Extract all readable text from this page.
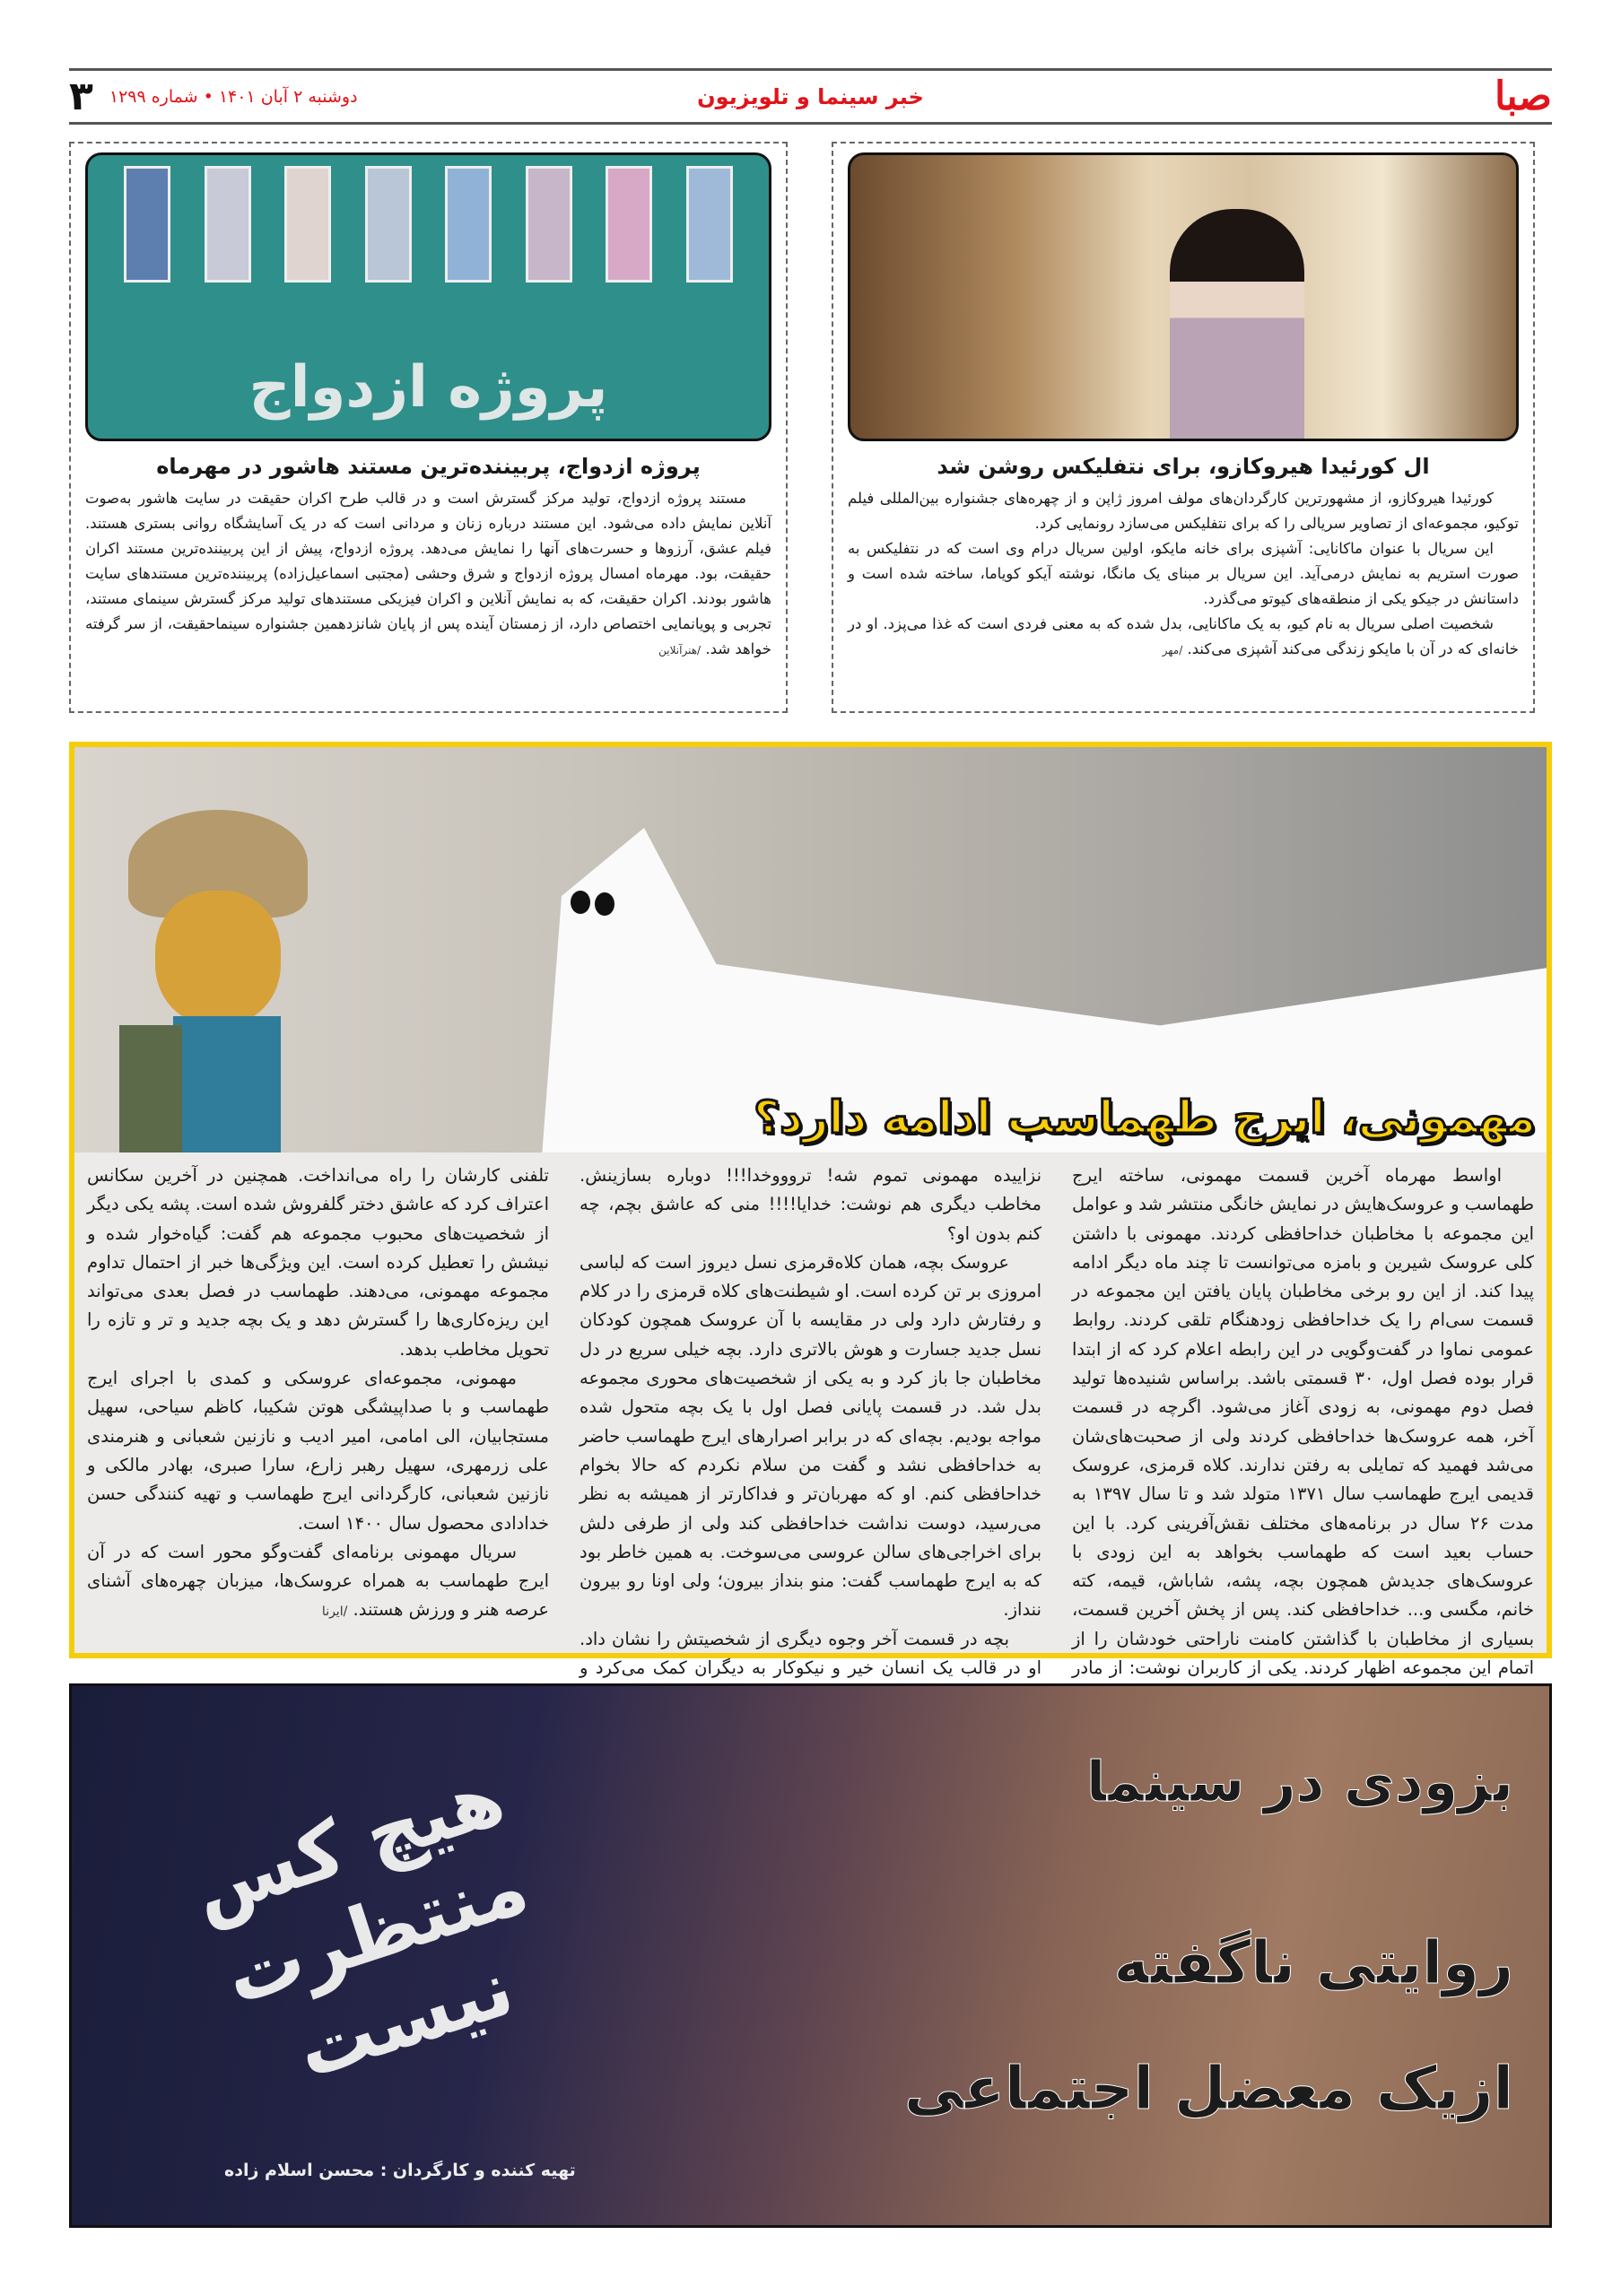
صبا
خبر سینما و تلویزیون
دوشنبه ۲ آبان ۱۴۰۱ • شماره ۱۲۹۹
۳
ال کورئیدا هیروکازو، برای نتفلیکس روشن شد

کورئیدا هیروکازو، از مشهورترین کارگردان‌های مولف امروز ژاپن و از چهره‌های جشنواره بین‌المللی فیلم توکیو، مجموعه‌ای از تصاویر سریالی را که برای نتفلیکس می‌سازد رونمایی کرد.

این سریال با عنوان ماکانایی: آشپزی برای خانه مایکو، اولین سریال درام وی است که در نتفلیکس به صورت استریم به نمایش درمی‌آید. این سریال بر مبنای یک مانگا، نوشته آیکو کویاما، ساخته شده است و داستانش در جیکو یکی از منطقه‌های کیوتو می‌گذرد.

شخصیت اصلی سریال به نام کیو، به یک ماکانایی، بدل شده که به معنی فردی است که غذا می‌پزد. او در خانه‌ای که در آن با مایکو زندگی می‌کند آشپزی می‌کند. /مهر

پروژه ازدواج
پروژه ازدواج، پربیننده‌ترین مستند هاشور در مهرماه

مستند پروژه ازدواج، تولید مرکز گسترش است و در قالب طرح اکران حقیقت در سایت هاشور به‌صوت آنلاین نمایش داده می‌شود. این مستند درباره زنان و مردانی است که در یک آسایشگاه روانی بستری هستند. فیلم عشق، آرزوها و حسرت‌های آنها را نمایش می‌دهد. پروژه ازدواج، پیش از این پربیننده‌ترین مستند اکران حقیقت، بود. مهرماه امسال پروژه ازدواج و شرق وحشی (مجتبی اسماعیل‌زاده) پربیننده‌ترین مستندهای سایت هاشور بودند. اکران حقیقت، که به نمایش آنلاین و اکران فیزیکی مستندهای تولید مرکز گسترش سینمای مستند، تجربی و پویانمایی اختصاص دارد، از زمستان آینده پس از پایان شانزدهمین جشنواره سینماحقیقت، از سر گرفته خواهد شد. /هنرآنلاین

مهمونی، ایرج طهماسب ادامه دارد؟

اواسط مهرماه آخرین قسمت مهمونی، ساخته ایرج طهماسب و عروسک‌هایش در نمایش خانگی منتشر شد و عوامل این مجموعه با مخاطبان خداحافظی کردند. مهمونی با داشتن کلی عروسک شیرین و بامزه می‌توانست تا چند ماه دیگر ادامه پیدا کند. از این رو برخی مخاطبان پایان یافتن این مجموعه در قسمت سی‌ام را یک خداحافظی زودهنگام تلقی کردند. روابط عمومی نماوا در گفت‌وگویی در این رابطه اعلام کرد که از ابتدا قرار بوده فصل اول، ۳۰ قسمتی باشد. براساس شنیده‌ها تولید فصل دوم مهمونی، به زودی آغاز می‌شود. اگرچه در قسمت آخر، همه عروسک‌ها خداحافظی کردند ولی از صحبت‌های‌شان می‌شد فهمید که تمایلی به رفتن ندارند. کلاه قرمزی، عروسک قدیمی ایرج طهماسب سال ۱۳۷۱ متولد شد و تا سال ۱۳۹۷ به مدت ۲۶ سال در برنامه‌های مختلف نقش‌آفرینی کرد. با این حساب بعید است که طهماسب بخواهد به این زودی با عروسک‌های جدیدش همچون بچه، پشه، شاباش، قیمه، کته خانم، مگسی و... خداحافظی کند. پس از پخش آخرین قسمت، بسیاری از مخاطبان با گذاشتن کامنت ناراحتی خودشان را از اتمام این مجموعه اظهار کردند. یکی از کاربران نوشت: از مادر نزاییده مهمونی تموم شه! تروووخدا!!! دوباره بسازینش. مخاطب دیگری هم نوشت: خدایا!!!! منی که عاشق بچم، چه کنم بدون او؟

عروسک بچه، همان کلاه‌قرمزی نسل دیروز است که لباسی امروزی بر تن کرده است. او شیطنت‌های کلاه قرمزی را در کلام و رفتارش دارد ولی در مقایسه با آن عروسک همچون کودکان نسل جدید جسارت و هوش بالاتری دارد. بچه خیلی سریع در دل مخاطبان جا باز کرد و به یکی از شخصیت‌های محوری مجموعه بدل شد. در قسمت پایانی فصل اول با یک بچه متحول شده مواجه بودیم. بچه‌ای که در برابر اصرارهای ایرج طهماسب حاضر به خداحافظی نشد و گفت من سلام نکردم که حالا بخوام خداحافظی کنم. او که مهربان‌تر و فداکارتر از همیشه به نظر می‌رسید، دوست نداشت خداحافظی کند ولی از طرفی دلش برای اخراجی‌های سالن عروسی می‌سوخت. به همین خاطر بود که به ایرج طهماسب گفت: منو بنداز بیرون؛ ولی اونا رو بیرون ننداز.

بچه در قسمت آخر وجوه دیگری از شخصیتش را نشان داد. او در قالب یک انسان خیر و نیکوکار به دیگران کمک می‌کرد و تلفنی کارشان را راه می‌انداخت. همچنین در آخرین سکانس اعتراف کرد که عاشق دختر گلفروش شده است. پشه یکی دیگر از شخصیت‌های محبوب مجموعه هم گفت: گیاه‌خوار شده و نیشش را تعطیل کرده است. این ویژگی‌ها خبر از احتمال تداوم مجموعه مهمونی، می‌دهند. طهماسب در فصل بعدی می‌تواند این ریزه‌کاری‌ها را گسترش دهد و یک بچه جدید و تر و تازه را تحویل مخاطب بدهد.

مهمونی، مجموعه‌ای عروسکی و کمدی با اجرای ایرج طهماسب و با صداپیشگی هوتن شکیبا، کاظم سیاحی، سهیل مستجابیان، الی امامی، امیر ادیب و نازنین شعبانی و هنرمندی علی زرمهری، سهیل رهبر زارع، سارا صبری، بهادر مالکی و نازنین شعبانی، کارگردانی ایرج طهماسب و تهیه کنندگی حسن خدادادی محصول سال ۱۴۰۰ است.

سریال مهمونی برنامه‌ای گفت‌وگو محور است که در آن ایرج طهماسب به همراه عروسک‌ها، میزبان چهره‌های آشنای عرصه هنر و ورزش هستند. /ایرنا

هیچ کس منتظرت نیست
تهیه کننده و کارگردان : محسن اسلام زاده
بزودی در سینما
روایتی ناگفته
ازیک معضل اجتماعی
